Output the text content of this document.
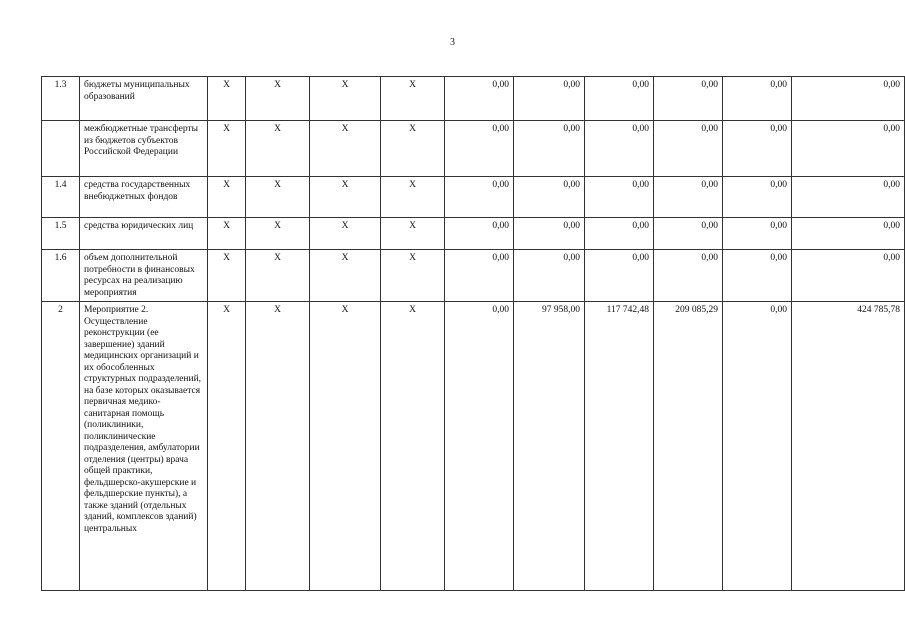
3
1.3	бюджеты муниципальных образований	Х	Х	Х	Х	0,00	0,00	0,00	0,00	0,00	0,00
	межбюджетные трансферты из бюджетов субъектов Российской Федерации	Х	Х	Х	Х	0,00	0,00	0,00	0,00	0,00	0,00
1.4	средства государственных внебюджетных фондов	Х	Х	Х	Х	0,00	0,00	0,00	0,00	0,00	0,00
1.5	средства юридических лиц	Х	Х	Х	Х	0,00	0,00	0,00	0,00	0,00	0,00
1.6	объем дополнительной потребности в финансовых ресурсах на реализацию мероприятия	Х	Х	Х	Х	0,00	0,00	0,00	0,00	0,00	0,00
2	Мероприятие 2. Осуществление реконструкции (ее завершение) зданий медицинских организаций и их обособленных структурных подразделений, на базе которых оказывается первичная медико-санитарная помощь (поликлиники, поликлинические подразделения, амбулатории отделения (центры) врача общей практики, фельдшерско-акушерские и фельдшерские пункты), а также зданий (отдельных зданий, комплексов зданий) центральных	Х	Х	Х	Х	0,00	97 958,00	117 742,48	209 085,29	0,00	424 785,78
